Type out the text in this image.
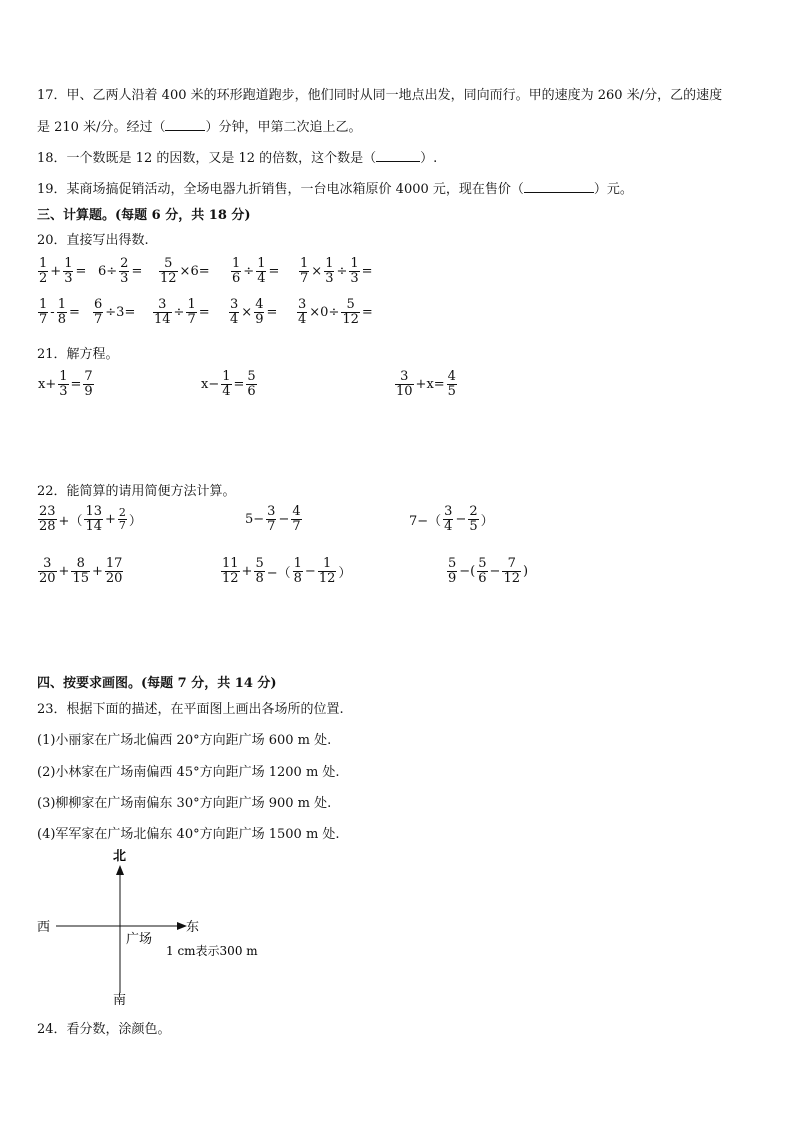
17．甲、乙两人沿着 400 米的环形跑道跑步，他们同时从同一地点出发，同向而行。甲的速度为 260 米/分，乙的速度
是 210 米/分。经过（	）分钟，甲第二次追上乙。
18．一个数既是 12 的因数，又是 12 的倍数，这个数是（	）.
19．某商场搞促销活动，全场电器九折销售，一台电冰箱原价 4000 元，现在售价（	）元。
三、计算题。(每题 6 分，共 18 分)
20．直接写出得数.
$\frac{1}{2} + \frac{1}{3} = 6\div \frac{2}{3} = \frac{5}{12} \times 6= \frac{1}{6} \div \frac{1}{4} = \frac{1}{7} \times \frac{1}{3} \div \frac{1}{3}$ =
$\frac{1}{7} - \frac{1}{8} = \frac{6}{7} \div 3= \frac{3}{14} \div \frac{1}{7} = \frac{3}{4} \times \frac{4}{9} = \frac{3}{4} \times 0\div \frac{5}{12}$ =
21．解方程。
$x+ \frac{1}{3} = \frac{7}{9}$	$x- \frac{1}{4} = \frac{5}{6}$	$\frac{3}{10} +x= \frac{4}{5}$
22．能简算的请用简便方法计算。
$\frac{23}{28}$ +（ $\frac{13}{14} + \frac{2}{7}$ ）	$5- \frac{3}{7} - \frac{4}{7}$	$7-( \frac{3}{4} - \frac{2}{5}$ ）
$\frac{3}{20} + \frac{8}{15} + \frac{17}{20}$	$\frac{11}{12} + \frac{5}{8}$ −（ $\frac{1}{8} - \frac{1}{12}$ ）	$\frac{5}{9}$ −( $\frac{5}{6} - \frac{7}{12}$ )
四、按要求画图。(每题 7 分，共 14 分)
23．根据下面的描述，在平面图上画出各场所的位置.
(1)小丽家在广场北偏西 20°方向距广场 600 m 处.
(2)小林家在广场南偏西 45°方向距广场 1200 m 处.
(3)柳柳家在广场南偏东 30°方向距广场 900 m 处.
(4)军军家在广场北偏东 40°方向距广场 1500 m 处.
北
南
西	东
广场
1 cm表示300 m
24．看分数，涂颜色。
